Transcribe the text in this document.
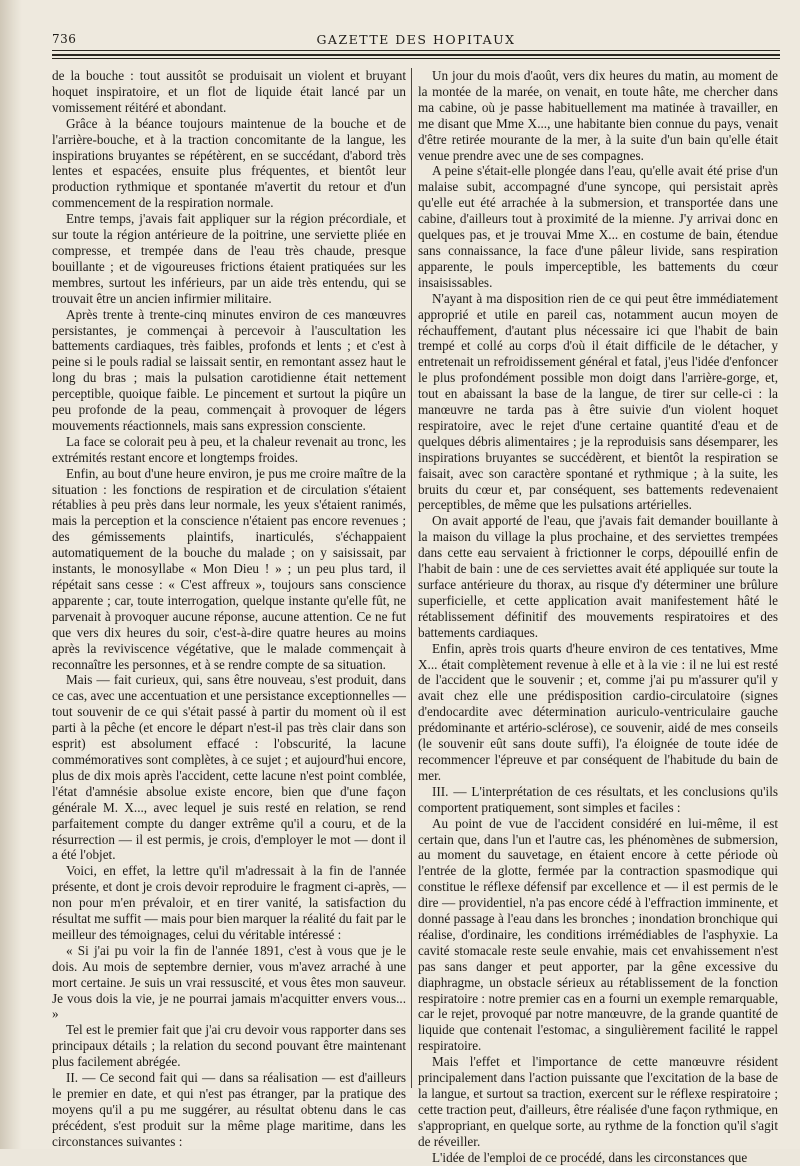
736	GAZETTE DES HOPITAUX

de la bouche : tout aussitôt se produisait un violent et bruyant hoquet inspiratoire, et un flot de liquide était lancé par un vomissement réitéré et abondant.

Grâce à la béance toujours maintenue de la bouche et de l'arrière-bouche, et à la traction concomitante de la langue, les inspirations bruyantes se répétèrent, en se succédant, d'abord très lentes et espacées, ensuite plus fréquentes, et bientôt leur production rythmique et spontanée m'avertit du retour et d'un commencement de la respiration normale.

Entre temps, j'avais fait appliquer sur la région précordiale, et sur toute la région antérieure de la poitrine, une serviette pliée en compresse, et trempée dans de l'eau très chaude, presque bouillante ; et de vigoureuses frictions étaient pratiquées sur les membres, surtout les inférieurs, par un aide très entendu, qui se trouvait être un ancien infirmier militaire.

Après trente à trente-cinq minutes environ de ces manœuvres persistantes, je commençai à percevoir à l'auscultation les battements cardiaques, très faibles, profonds et lents ; et c'est à peine si le pouls radial se laissait sentir, en remontant assez haut le long du bras ; mais la pulsation carotidienne était nettement perceptible, quoique faible. Le pincement et surtout la piqûre un peu profonde de la peau, commençait à provoquer de légers mouvements réactionnels, mais sans expression consciente.

La face se colorait peu à peu, et la chaleur revenait au tronc, les extrémités restant encore et longtemps froides.

Enfin, au bout d'une heure environ, je pus me croire maître de la situation : les fonctions de respiration et de circulation s'étaient rétablies à peu près dans leur normale, les yeux s'étaient ranimés, mais la perception et la conscience n'étaient pas encore revenues ; des gémissements plaintifs, inarticulés, s'échappaient automatiquement de la bouche du malade ; on y saisissait, par instants, le monosyllabe « Mon Dieu ! » ; un peu plus tard, il répétait sans cesse : « C'est affreux », toujours sans conscience apparente ; car, toute interrogation, quelque instante qu'elle fût, ne parvenait à provoquer aucune réponse, aucune attention. Ce ne fut que vers dix heures du soir, c'est-à-dire quatre heures au moins après la reviviscence végétative, que le malade commençait à reconnaître les personnes, et à se rendre compte de sa situation.

Mais — fait curieux, qui, sans être nouveau, s'est produit, dans ce cas, avec une accentuation et une persistance exceptionnelles — tout souvenir de ce qui s'était passé à partir du moment où il est parti à la pêche (et encore le départ n'est-il pas très clair dans son esprit) est absolument effacé : l'obscurité, la lacune commémoratives sont complètes, à ce sujet ; et aujourd'hui encore, plus de dix mois après l'accident, cette lacune n'est point comblée, l'état d'amnésie absolue existe encore, bien que d'une façon générale M. X..., avec lequel je suis resté en relation, se rend parfaitement compte du danger extrême qu'il a couru, et de la résurrection — il est permis, je crois, d'employer le mot — dont il a été l'objet.

Voici, en effet, la lettre qu'il m'adressait à la fin de l'année présente, et dont je crois devoir reproduire le fragment ci-après, — non pour m'en prévaloir, et en tirer vanité, la satisfaction du résultat me suffit — mais pour bien marquer la réalité du fait par le meilleur des témoignages, celui du véritable intéressé :

« Si j'ai pu voir la fin de l'année 1891, c'est à vous que je le dois. Au mois de septembre dernier, vous m'avez arraché à une mort certaine. Je suis un vrai ressuscité, et vous êtes mon sauveur. Je vous dois la vie, je ne pourrai jamais m'acquitter envers vous... »

Tel est le premier fait que j'ai cru devoir vous rapporter dans ses principaux détails ; la relation du second pouvant être maintenant plus facilement abrégée.

II. — Ce second fait qui — dans sa réalisation — est d'ailleurs le premier en date, et qui n'est pas étranger, par la pratique des moyens qu'il a pu me suggérer, au résultat obtenu dans le cas précédent, s'est produit sur la même plage maritime, dans les circonstances suivantes :

Un jour du mois d'août, vers dix heures du matin, au moment de la montée de la marée, on venait, en toute hâte, me chercher dans ma cabine, où je passe habituellement ma matinée à travailler, en me disant que Mme X..., une habitante bien connue du pays, venait d'être retirée mourante de la mer, à la suite d'un bain qu'elle était venue prendre avec une de ses compagnes.

A peine s'était-elle plongée dans l'eau, qu'elle avait été prise d'un malaise subit, accompagné d'une syncope, qui persistait après qu'elle eut été arrachée à la submersion, et transportée dans une cabine, d'ailleurs tout à proximité de la mienne. J'y arrivai donc en quelques pas, et je trouvai Mme X... en costume de bain, étendue sans connaissance, la face d'une pâleur livide, sans respiration apparente, le pouls imperceptible, les battements du cœur insaisissables.

N'ayant à ma disposition rien de ce qui peut être immédiatement approprié et utile en pareil cas, notamment aucun moyen de réchauffement, d'autant plus nécessaire ici que l'habit de bain trempé et collé au corps d'où il était difficile de le détacher, y entretenait un refroidissement général et fatal, j'eus l'idée d'enfoncer le plus profondément possible mon doigt dans l'arrière-gorge, et, tout en abaissant la base de la langue, de tirer sur celle-ci : la manœuvre ne tarda pas à être suivie d'un violent hoquet respiratoire, avec le rejet d'une certaine quantité d'eau et de quelques débris alimentaires ; je la reproduisis sans désemparer, les inspirations bruyantes se succédèrent, et bientôt la respiration se faisait, avec son caractère spontané et rythmique ; à la suite, les bruits du cœur et, par conséquent, ses battements redevenaient perceptibles, de même que les pulsations artérielles.

On avait apporté de l'eau, que j'avais fait demander bouillante à la maison du village la plus prochaine, et des serviettes trempées dans cette eau servaient à frictionner le corps, dépouillé enfin de l'habit de bain : une de ces serviettes avait été appliquée sur toute la surface antérieure du thorax, au risque d'y déterminer une brûlure superficielle, et cette application avait manifestement hâté le rétablissement définitif des mouvements respiratoires et des battements cardiaques.

Enfin, après trois quarts d'heure environ de ces tentatives, Mme X... était complètement revenue à elle et à la vie : il ne lui est resté de l'accident que le souvenir ; et, comme j'ai pu m'assurer qu'il y avait chez elle une prédisposition cardio-circulatoire (signes d'endocardite avec détermination auriculo-ventriculaire gauche prédominante et artério-sclérose), ce souvenir, aidé de mes conseils (le souvenir eût sans doute suffi), l'a éloignée de toute idée de recommencer l'épreuve et par conséquent de l'habitude du bain de mer.

III. — L'interprétation de ces résultats, et les conclusions qu'ils comportent pratiquement, sont simples et faciles :

Au point de vue de l'accident considéré en lui-même, il est certain que, dans l'un et l'autre cas, les phénomènes de submersion, au moment du sauvetage, en étaient encore à cette période où l'entrée de la glotte, fermée par la contraction spasmodique qui constitue le réflexe défensif par excellence et — il est permis de le dire — providentiel, n'a pas encore cédé à l'effraction imminente, et donné passage à l'eau dans les bronches ; inondation bronchique qui réalise, d'ordinaire, les conditions irrémédiables de l'asphyxie. La cavité stomacale reste seule envahie, mais cet envahissement n'est pas sans danger et peut apporter, par la gêne excessive du diaphragme, un obstacle sérieux au rétablissement de la fonction respiratoire : notre premier cas en a fourni un exemple remarquable, car le rejet, provoqué par notre manœuvre, de la grande quantité de liquide que contenait l'estomac, a singulièrement facilité le rappel respiratoire.

Mais l'effet et l'importance de cette manœuvre résident principalement dans l'action puissante que l'excitation de la base de la langue, et surtout sa traction, exercent sur le réflexe respiratoire ; cette traction peut, d'ailleurs, être réalisée d'une façon rythmique, en s'appropriant, en quelque sorte, au rythme de la fonction qu'il s'agit de réveiller.

L'idée de l'emploi de ce procédé, dans les circonstances que
